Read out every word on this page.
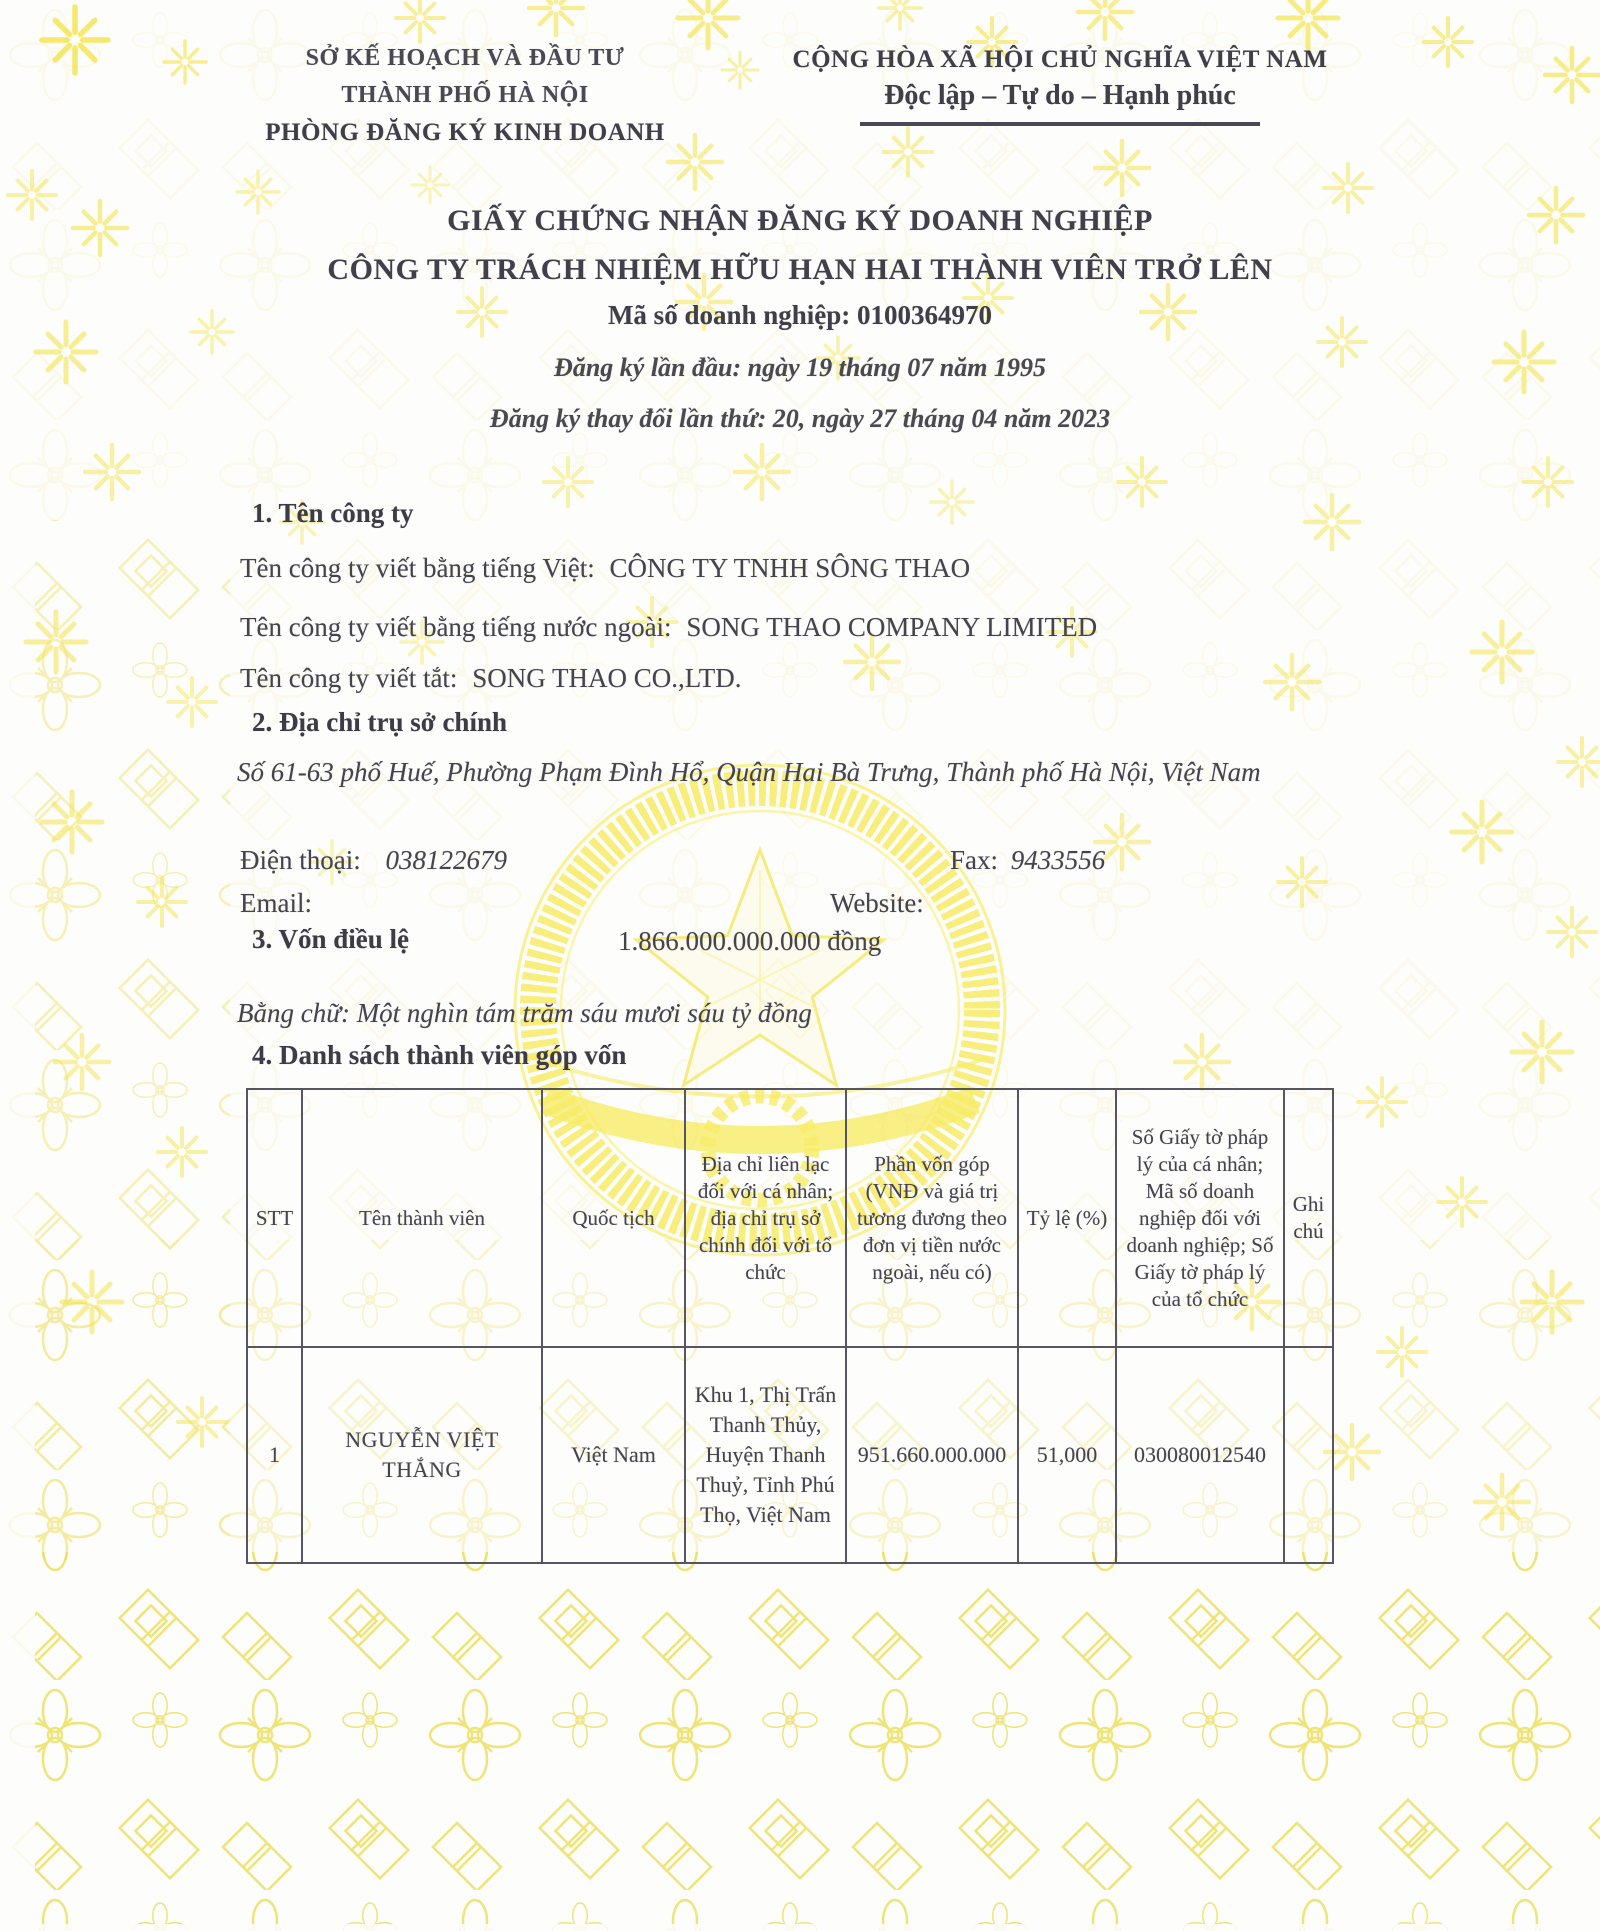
SỞ KẾ HOẠCH VÀ ĐẦU TƯ
THÀNH PHỐ HÀ NỘI
PHÒNG ĐĂNG KÝ KINH DOANH
CỘNG HÒA XÃ HỘI CHỦ NGHĨA VIỆT NAM
Độc lập – Tự do – Hạnh phúc
GIẤY CHỨNG NHẬN ĐĂNG KÝ DOANH NGHIỆP
CÔNG TY TRÁCH NHIỆM HỮU HẠN HAI THÀNH VIÊN TRỞ LÊN
Mã số doanh nghiệp: 0100364970
Đăng ký lần đầu: ngày 19 tháng 07 năm 1995
Đăng ký thay đổi lần thứ: 20, ngày 27 tháng 04 năm 2023
1. Tên công ty
Tên công ty viết bằng tiếng Việt: CÔNG TY TNHH SÔNG THAO
Tên công ty viết bằng tiếng nước ngoài: SONG THAO COMPANY LIMITED
Tên công ty viết tắt: SONG THAO CO.,LTD.
2. Địa chỉ trụ sở chính
Số 61-63 phố Huế, Phường Phạm Đình Hổ, Quận Hai Bà Trưng, Thành phố Hà Nội, Việt Nam
Điện thoại: 038122679	Fax: 9433556
Email:	Website:
3. Vốn điều lệ	1.866.000.000.000 đồng
Bằng chữ: Một nghìn tám trăm sáu mươi sáu tỷ đồng
4. Danh sách thành viên góp vốn
STT	Tên thành viên	Quốc tịch	Địa chỉ liên lạc đối với cá nhân; địa chỉ trụ sở chính đối với tổ chức	Phần vốn góp (VNĐ và giá trị tương đương theo đơn vị tiền nước ngoài, nếu có)	Tỷ lệ (%)	Số Giấy tờ pháp lý của cá nhân; Mã số doanh nghiệp đối với doanh nghiệp; Số Giấy tờ pháp lý của tổ chức	Ghi chú
1	NGUYỄN VIỆT THẮNG	Việt Nam	Khu 1, Thị Trấn Thanh Thủy, Huyện Thanh Thuỷ, Tỉnh Phú Thọ, Việt Nam	951.660.000.000	51,000	030080012540	
